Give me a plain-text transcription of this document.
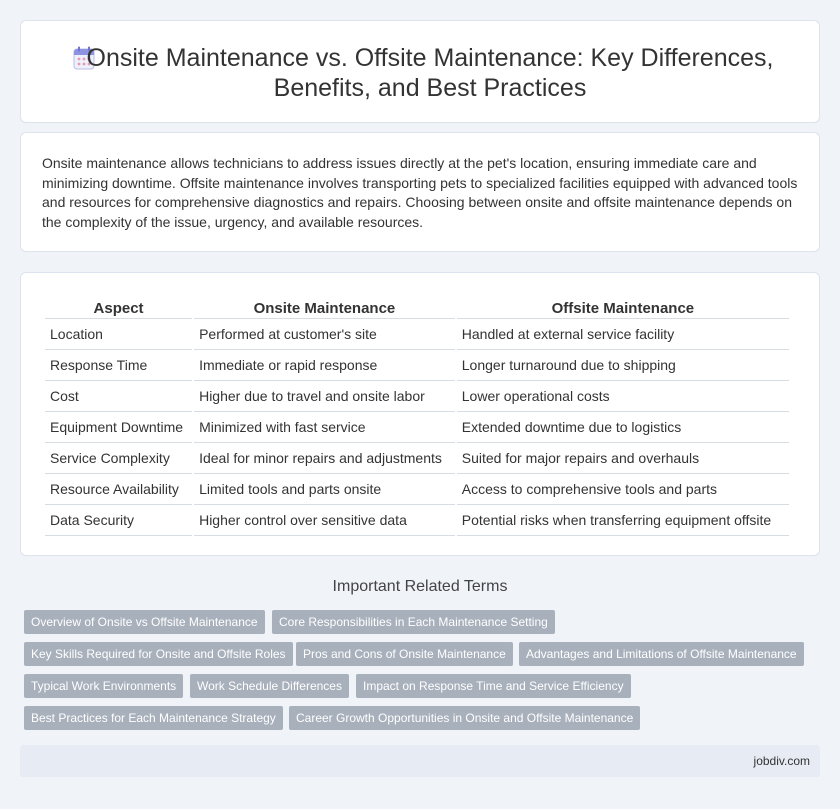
Onsite Maintenance vs. Offsite Maintenance: Key Differences, Benefits, and Best Practices

Onsite maintenance allows technicians to address issues directly at the pet's location, ensuring immediate care and minimizing downtime. Offsite maintenance involves transporting pets to specialized facilities equipped with advanced tools and resources for comprehensive diagnostics and repairs. Choosing between onsite and offsite maintenance depends on the complexity of the issue, urgency, and available resources.

Aspect	Onsite Maintenance	Offsite Maintenance
Location	Performed at customer's site	Handled at external service facility
Response Time	Immediate or rapid response	Longer turnaround due to shipping
Cost	Higher due to travel and onsite labor	Lower operational costs
Equipment Downtime	Minimized with fast service	Extended downtime due to logistics
Service Complexity	Ideal for minor repairs and adjustments	Suited for major repairs and overhauls
Resource Availability	Limited tools and parts onsite	Access to comprehensive tools and parts
Data Security	Higher control over sensitive data	Potential risks when transferring equipment offsite
Important Related Terms
Overview of Onsite vs Offsite Maintenance	Core Responsibilities in Each Maintenance Setting
Key Skills Required for Onsite and Offsite Roles	Pros and Cons of Onsite Maintenance	Advantages and Limitations of Offsite Maintenance
Typical Work Environments	Work Schedule Differences	Impact on Response Time and Service Efficiency
Best Practices for Each Maintenance Strategy	Career Growth Opportunities in Onsite and Offsite Maintenance
jobdiv.com
